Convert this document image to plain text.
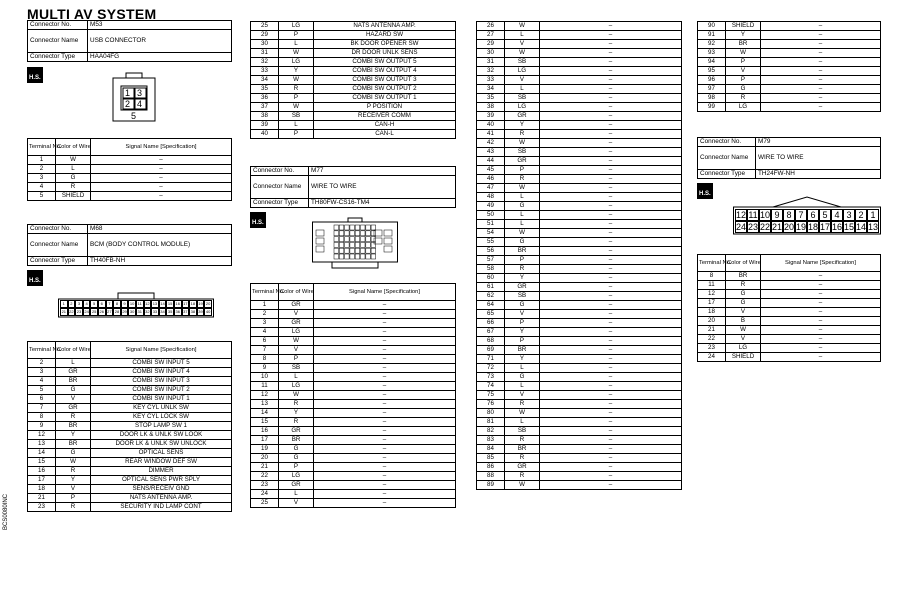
MULTI AV SYSTEM
Connector No.	M53
Connector Name	USB CONNECTOR
Connector Type	HAA04FG
H.S.
1 3
2 4
5
Terminal No.	Color of Wire	Signal Name [Specification]
1	W	–
2	L	–
3	G	–
4	R	–
5	SHIELD	–
Connector No.	M68
Connector Name	BCM (BODY CONTROL MODULE)
Connector Type	TH40FB-NH
H.S.
1	2	3	4	5	6	7	8	9	10 11 12 13 14 15 16 17 18 19 20
21 22 23 24 25 26 27 28 29 30 31 32 33 34 35 36 37 38 39 40
Terminal No.	Color of Wire	Signal Name [Specification]
2	L	COMBI SW INPUT 5
3	GR	COMBI SW INPUT 4
4	BR	COMBI SW INPUT 3
5	G	COMBI SW INPUT 2
6	V	COMBI SW INPUT 1
7	GR	KEY CYL UNLK SW
8	R	KEY CYL LOCK SW
9	BR	STOP LAMP SW 1
12	Y	DOOR LK & UNLK SW LOOK
13	BR	DOOR LK & UNLK SW UNLOCK
14	G	OPTICAL SENS
15	W	REAR WINDOW DEF SW
16	R	DIMMER
17	Y	OPTICAL SENS PWR SPLY
18	V	SENS/RECEIV GND
21	P	NATS ANTENNA AMP.
23	R	SECURITY IND LAMP CONT
25	LG	NATS ANTENNA AMP.
29	P	HAZARD SW
30	L	BK DOOR OPENER SW
31	W	DR DOOR UNLK SENS
32	LG	COMBI SW OUTPUT 5
33	Y	COMBI SW OUTPUT 4
34	W	COMBI SW OUTPUT 3
35	R	COMBI SW OUTPUT 2
36	P	COMBI SW OUTPUT 1
37	W	P POSITION
38	SB	RECEIVER COMM
39	L	CAN-H
40	P	CAN-L
Connector No.	M77
Connector Name	WIRE TO WIRE
Connector Type	TH80FW-CS16-TM4
H.S.
Terminal No.	Color of Wire	Signal Name [Specification]
1	GR	–
2	V	–
3	GR	–
4	LG	–
6	W	–
7	V	–
8	P	–
9	SB	–
10	L	–
11	LG	–
12	W	–
13	R	–
14	Y	–
15	R	–
16	GR	–
17	BR	–
19	G	–
20	G	–
21	P	–
22	LG	–
23	GR	–
24	L	–
25	V	–
26	W	–
27	L	–
29	V	–
30	W	–
31	SB	–
32	LG	–
33	V	–
34	L	–
35	SB	–
38	LG	–
39	GR	–
40	Y	–
41	R	–
42	W	–
43	SB	–
44	GR	–
45	P	–
46	R	–
47	W	–
48	L	–
49	G	–
50	L	–
51	L	–
54	W	–
55	G	–
56	BR	–
57	P	–
58	R	–
60	Y	–
61	GR	–
62	SB	–
64	G	–
65	V	–
66	P	–
67	Y	–
68	P	–
69	BR	–
71	Y	–
72	L	–
73	G	–
74	L	–
75	V	–
76	R	–
80	W	–
81	L	–
82	SB	–
83	R	–
84	BR	–
85	R	–
86	GR	–
88	R	–
89	W	–
90	SHIELD	–
91	Y	–
92	BR	–
93	W	–
94	P	–
95	V	–
96	P	–
97	G	–
98	R	–
99	LG	–
Connector No.	M79
Connector Name	WIRE TO WIRE
Connector Type	TH24FW-NH
H.S.
12 11 10 9 8 7 6 5 4 3 2 1
24 23 22 21 20 19 18 17 16 15 14 13
Terminal No.	Color of Wire	Signal Name [Specification]
8	BR	–
11	R	–
12	G	–
17	G	–
18	V	–
20	B	–
21	W	–
22	V	–
23	LG	–
24	SHIELD	–
BCS0080INC
